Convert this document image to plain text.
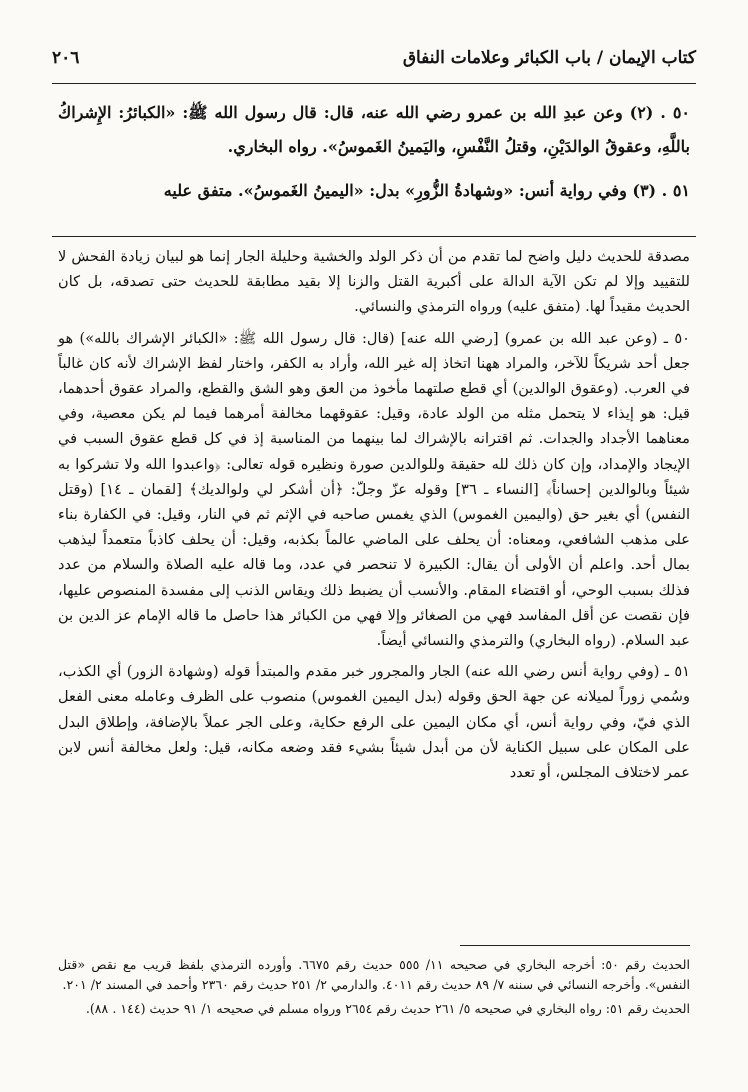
كتاب الإيمان / باب الكبائر وعلامات النفاق
٢٠٦

٥٠ . (٢) وعن عبدِ الله بن عمرو رضي الله عنه، قال: قال رسول الله ﷺ: «الكبائرُ: الإِشراكُ باللَّهِ، وعقوقُ الوالدَيْنِ، وقتلُ النَّفْسِ، واليَمينُ الغَموسُ». رواه البخاري.

٥١ . (٣) وفي رواية أنس: «وشهادةُ الزُّورِ» بدل: «اليمينُ الغَموسُ». متفق عليه

مصدقة للحديث دليل واضح لما تقدم من أن ذكر الولد والخشية وحليلة الجار إنما هو لبيان زيادة الفحش لا للتقييد وإلا لم تكن الآية الدالة على أكبرية القتل والزنا إلا بقيد مطابقة للحديث حتى تصدقه، بل كان الحديث مقيداً لها. (متفق عليه) ورواه الترمذي والنسائي.

٥٠ ـ (وعن عبد الله بن عمرو) [رضي الله عنه] (قال: قال رسول الله ﷺ: «الكبائر الإشراك بالله») هو جعل أحد شريكاً للآخر، والمراد ههنا اتخاذ إله غير الله، وأراد به الكفر، واختار لفظ الإشراك لأنه كان غالباً في العرب. (وعقوق الوالدين) أي قطع صلتهما مأخوذ من العق وهو الشق والقطع، والمراد عقوق أحدهما، قيل: هو إيذاء لا يتحمل مثله من الولد عادة، وقيل: عقوقهما مخالفة أمرهما فيما لم يكن معصية، وفي معناهما الأجداد والجدات. ثم اقترانه بالإشراك لما بينهما من المناسبة إذ في كل قطع عقوق السبب في الإيجاد والإمداد، وإن كان ذلك لله حقيقة وللوالدين صورة ونظيره قوله تعالى: ﴿واعبدوا الله ولا تشركوا به شيئاً وبالوالدين إحساناً﴾ [النساء ـ ٣٦] وقوله عزّ وجلّ: ﴿أن أشكر لي ولوالديك﴾ [لقمان ـ ١٤] (وقتل النفس) أي بغير حق (واليمين الغموس) الذي يغمس صاحبه في الإثم ثم في النار، وقيل: في الكفارة بناء على مذهب الشافعي، ومعناه: أن يحلف على الماضي عالماً بكذبه، وقيل: أن يحلف كاذباً متعمداً ليذهب بمال أحد. واعلم أن الأولى أن يقال: الكبيرة لا تنحصر في عدد، وما قاله عليه الصلاة والسلام من عدد فذلك بسبب الوحي، أو اقتضاء المقام. والأنسب أن يضبط ذلك ويقاس الذنب إلى مفسدة المنصوص عليها، فإن نقصت عن أقل المفاسد فهي من الصغائر وإلا فهي من الكبائر هذا حاصل ما قاله الإمام عز الدين بن عبد السلام. (رواه البخاري) والترمذي والنسائي أيضاً.

٥١ ـ (وفي رواية أنس رضي الله عنه) الجار والمجرور خبر مقدم والمبتدأ قوله (وشهادة الزور) أي الكذب، وسُمي زوراً لميلانه عن جهة الحق وقوله (بدل اليمين الغموس) منصوب على الظرف وعامله معنى الفعل الذي فيّ، وفي رواية أنس، أي مكان اليمين على الرفع حكاية، وعلى الجر عملاً بالإضافة، وإطلاق البدل على المكان على سبيل الكناية لأن من أبدل شيئاً بشيء فقد وضعه مكانه، قيل: ولعل مخالفة أنس لابن عمر لاختلاف المجلس، أو تعدد

الحديث رقم ٥٠: أخرجه البخاري في صحيحه ١١/ ٥٥٥ حديث رقم ٦٦٧٥. وأورده الترمذي بلفظ قريب مع نقص «قتل النفس». وأخرجه النسائي في سننه ٧/ ٨٩ حديث رقم ٤٠١١. والدارمي ٢/ ٢٥١ حديث رقم ٢٣٦٠ وأحمد في المسند ٢/ ٢٠١.

الحديث رقم ٥١: رواه البخاري في صحيحه ٥/ ٢٦١ حديث رقم ٢٦٥٤ ورواه مسلم في صحيحه ١/ ٩١ حديث (١٤٤ . ٨٨).
